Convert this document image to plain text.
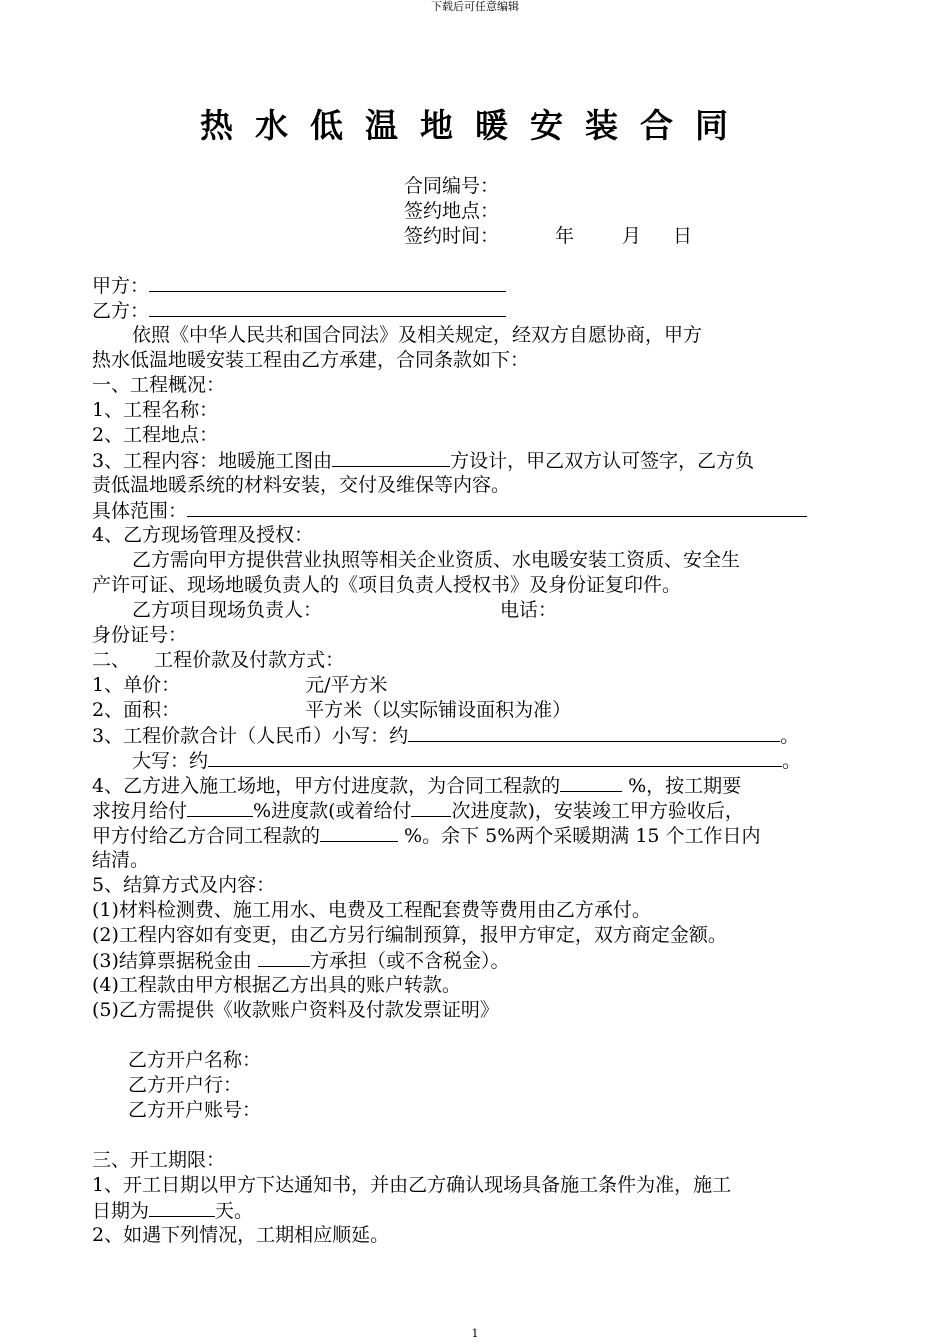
下载后可任意编辑
热水低温地暖安装合同
合同编号：
签约地点：
签约时间：	年	月 日
甲方：
乙方：
依照《中华人民共和国合同法》及相关规定，经双方自愿协商，甲方
热水低温地暖安装工程由乙方承建，合同条款如下：
一、工程概况：
1、工程名称：
2、工程地点：
3、工程内容：地暖施工图由	方设计，甲乙双方认可签字，乙方负
责低温地暖系统的材料安装，交付及维保等内容。
具体范围：
4、乙方现场管理及授权：
乙方需向甲方提供营业执照等相关企业资质、水电暖安装工资质、安全生
产许可证、现场地暖负责人的《项目负责人授权书》及身份证复印件。
乙方项目现场负责人：	电话：
身份证号：
二、    工程价款及付款方式：
1、单价：	元/平方米
2、面积：	平方米（以实际铺设面积为准）
3、工程价款合计（人民币）小写：约	。
大写：约	。
4、乙方进入施工场地，甲方付进度款，为合同工程款的	%，按工期要
求按月给付	%进度款(或着给付 次进度款)，安装竣工甲方验收后，
甲方付给乙方合同工程款的	%。余下 5%两个采暖期满 15 个工作日内
结清。
5、结算方式及内容：
(1)材料检测费、施工用水、电费及工程配套费等费用由乙方承付。
(2)工程内容如有变更，由乙方另行编制预算，报甲方审定，双方商定金额。
(3)结算票据税金由	方承担（或不含税金）。
(4)工程款由甲方根据乙方出具的账户转款。
(5)乙方需提供《收款账户资料及付款发票证明》
乙方开户名称：
乙方开户行：
乙方开户账号：
三、开工期限：
1、开工日期以甲方下达通知书，并由乙方确认现场具备施工条件为准，施工
日期为	天。
2、如遇下列情况，工期相应顺延。
1
